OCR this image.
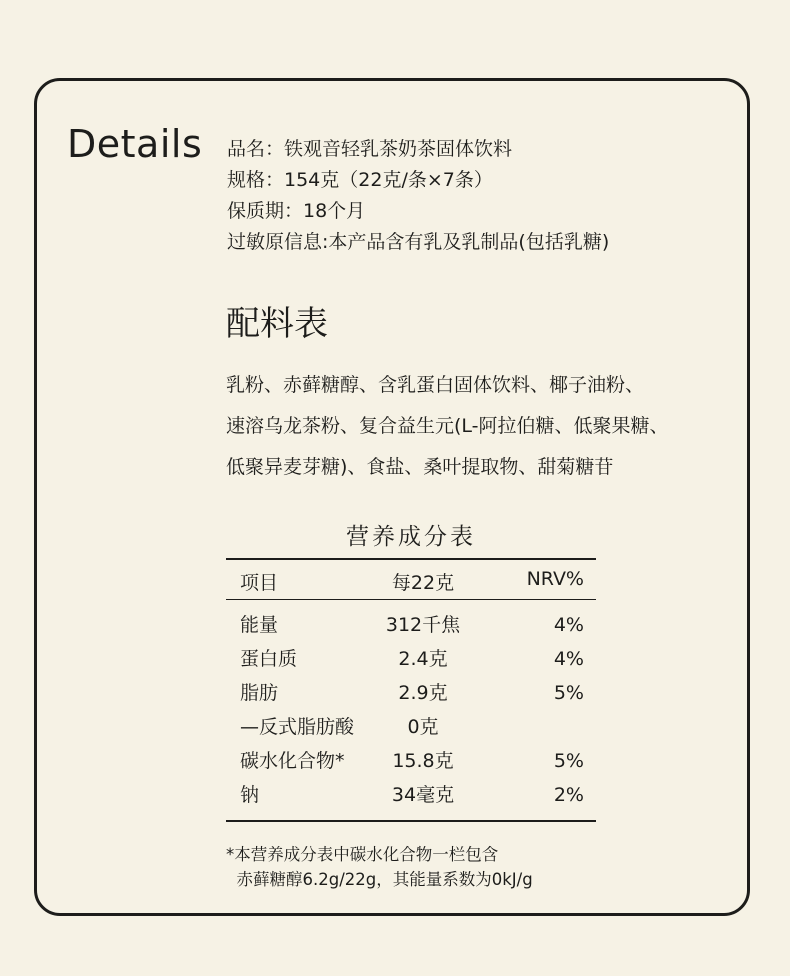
Details 品名：铁观音轻乳茶奶茶固体饮料
规格：154克（22克/条×7条）
保质期：18个月
过敏原信息:本产品含有乳及乳制品(包括乳糖)
配料表
乳粉、赤藓糖醇、含乳蛋白固体饮料、椰子油粉、
速溶乌龙茶粉、复合益生元(L-阿拉伯糖、低聚果糖、
低聚异麦芽糖)、食盐、桑叶提取物、甜菊糖苷
营养成分表
项目	每22克	NRV%
能量	312千焦	4%
蛋白质	2.4克	4%
脂肪	2.9克	5%
—反式脂肪酸	0克
碳水化合物*	15.8克	5%
钠	34毫克	2%
*本营养成分表中碳水化合物一栏包含
赤藓糖醇6.2g/22g，其能量系数为0kJ/g
